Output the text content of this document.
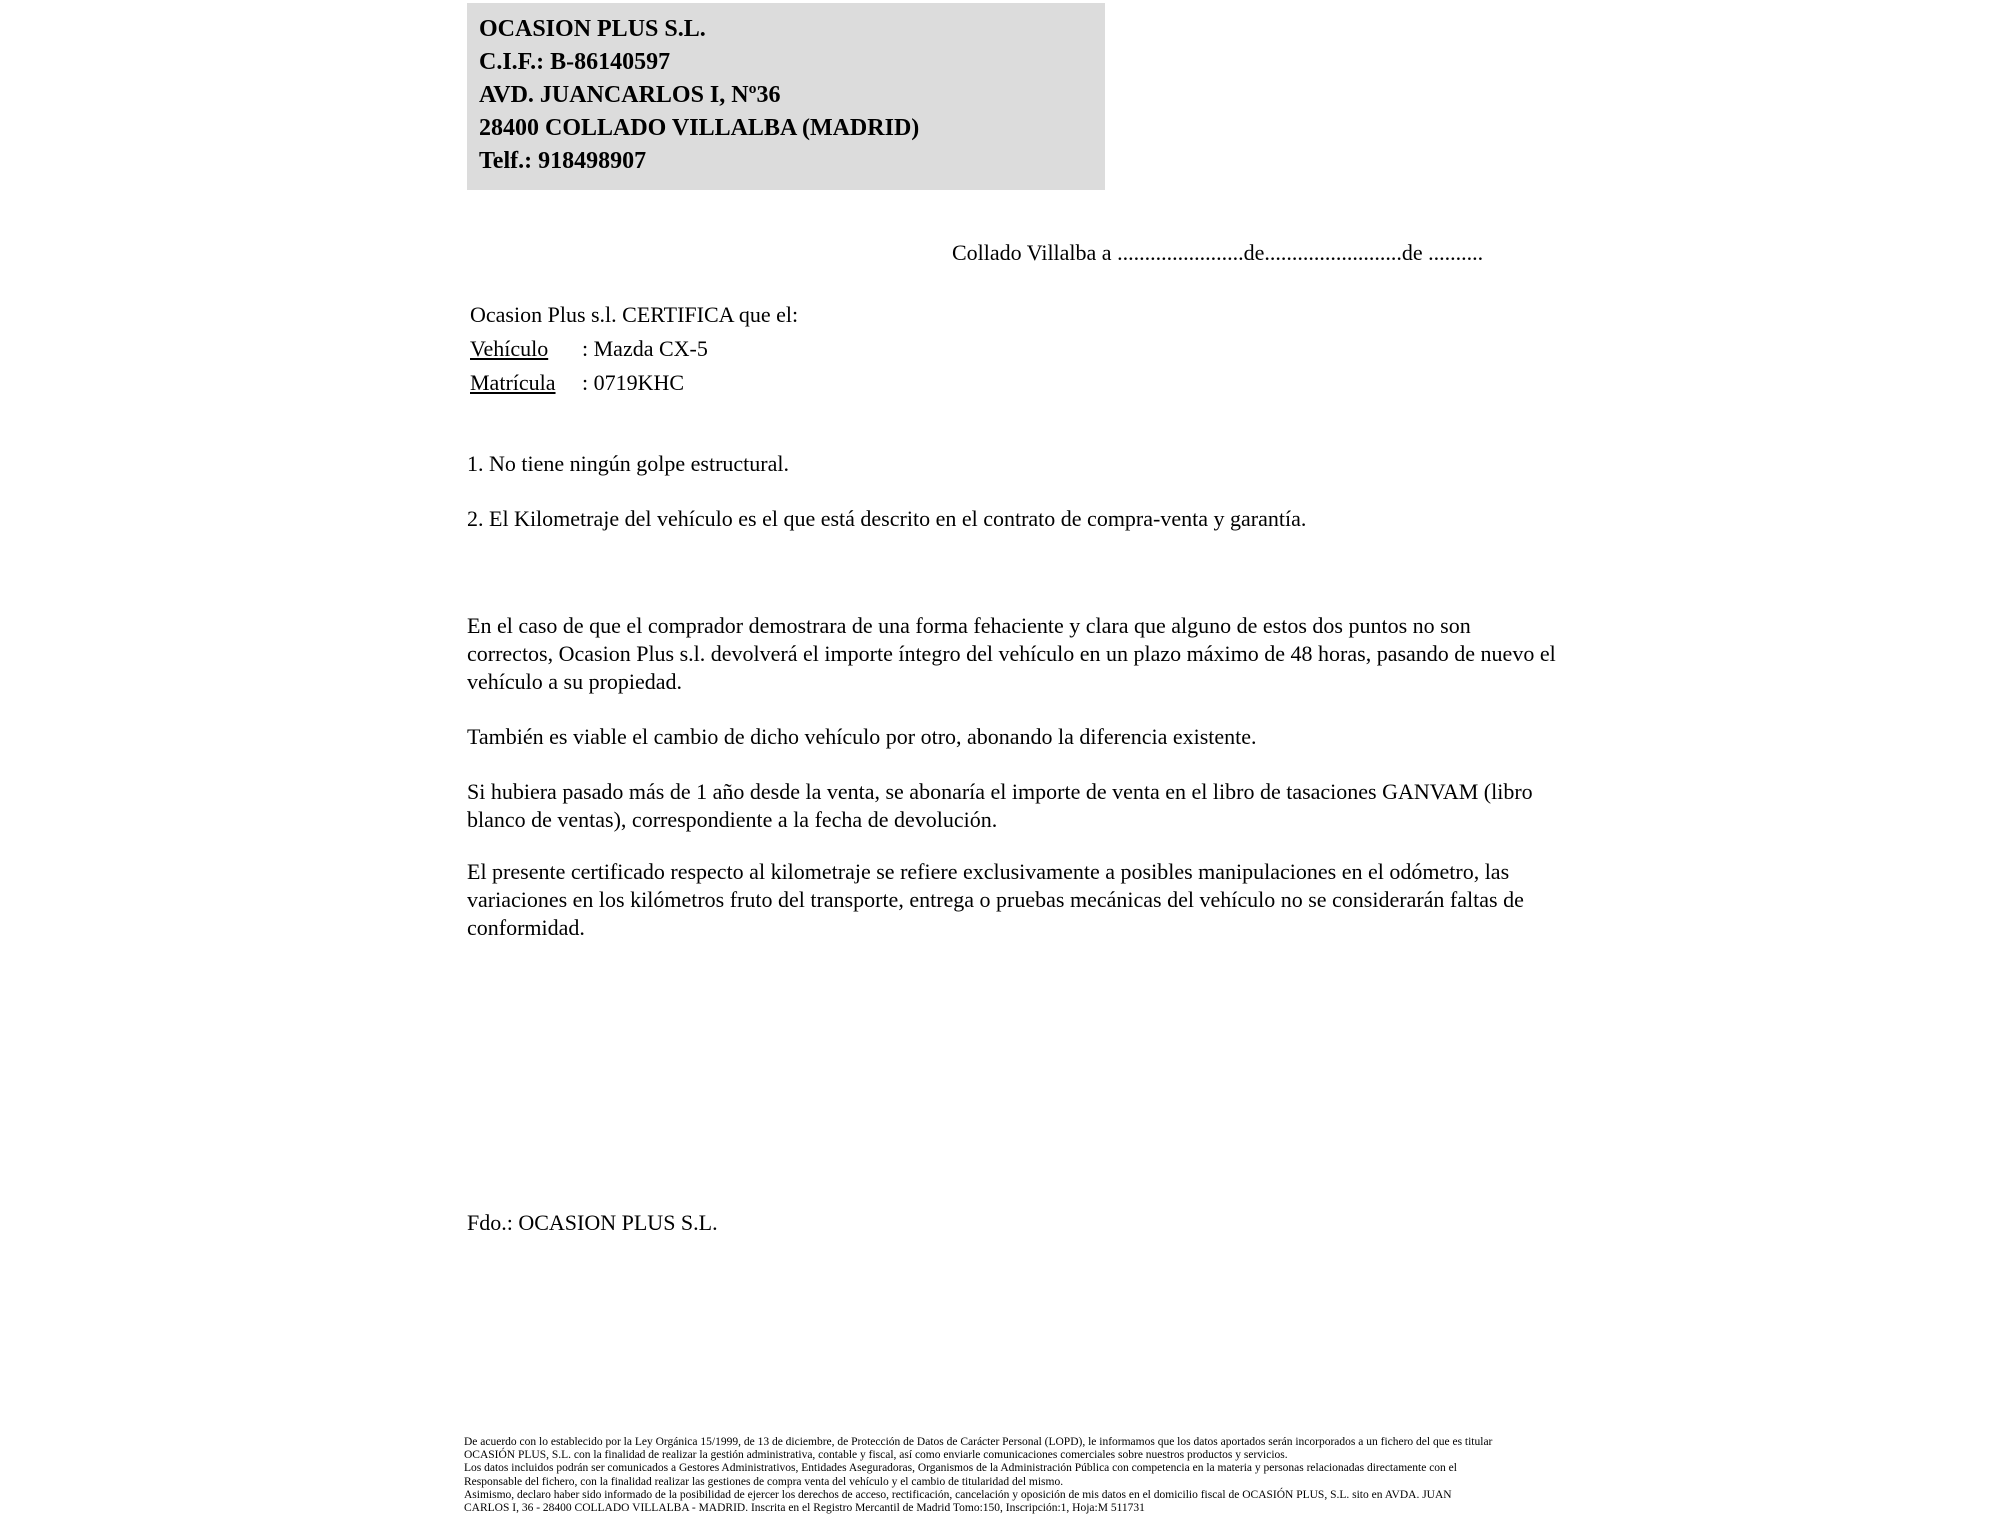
OCASION PLUS S.L.
C.I.F.: B-86140597
AVD. JUANCARLOS I, Nº36
28400 COLLADO VILLALBA (MADRID)
Telf.: 918498907
Collado Villalba a .......................de.........................de ..........
Ocasion Plus s.l. CERTIFICA que el:
Vehículo : Mazda CX-5
Matrícula : 0719KHC
1. No tiene ningún golpe estructural.
2. El Kilometraje del vehículo es el que está descrito en el contrato de compra-venta y garantía.
En el caso de que el comprador demostrara de una forma fehaciente y clara que alguno de estos dos puntos no son correctos, Ocasion Plus s.l. devolverá el importe íntegro del vehículo en un plazo máximo de 48 horas, pasando de nuevo el vehículo a su propiedad.
También es viable el cambio de dicho vehículo por otro, abonando la diferencia existente.
Si hubiera pasado más de 1 año desde la venta, se abonaría el importe de venta en el libro de tasaciones GANVAM (libro blanco de ventas), correspondiente a la fecha de devolución.
El presente certificado respecto al kilometraje se refiere exclusivamente a posibles manipulaciones en el odómetro, las variaciones en los kilómetros fruto del transporte, entrega o pruebas mecánicas del vehículo no se considerarán faltas de conformidad.
Fdo.: OCASION PLUS S.L.
De acuerdo con lo establecido por la Ley Orgánica 15/1999, de 13 de diciembre, de Protección de Datos de Carácter Personal (LOPD), le informamos que los datos aportados serán incorporados a un fichero del que es titular
OCASIÓN PLUS, S.L. con la finalidad de realizar la gestión administrativa, contable y fiscal, así como enviarle comunicaciones comerciales sobre nuestros productos y servicios.
Los datos incluidos podrán ser comunicados a Gestores Administrativos, Entidades Aseguradoras, Organismos de la Administración Pública con competencia en la materia y personas relacionadas directamente con el
Responsable del fichero, con la finalidad realizar las gestiones de compra venta del vehículo y el cambio de titularidad del mismo.
Asimismo, declaro haber sido informado de la posibilidad de ejercer los derechos de acceso, rectificación, cancelación y oposición de mis datos en el domicilio fiscal de OCASIÓN PLUS, S.L. sito en AVDA. JUAN
CARLOS I, 36 - 28400 COLLADO VILLALBA - MADRID. Inscrita en el Registro Mercantil de Madrid Tomo:150, Inscripción:1, Hoja:M 511731
